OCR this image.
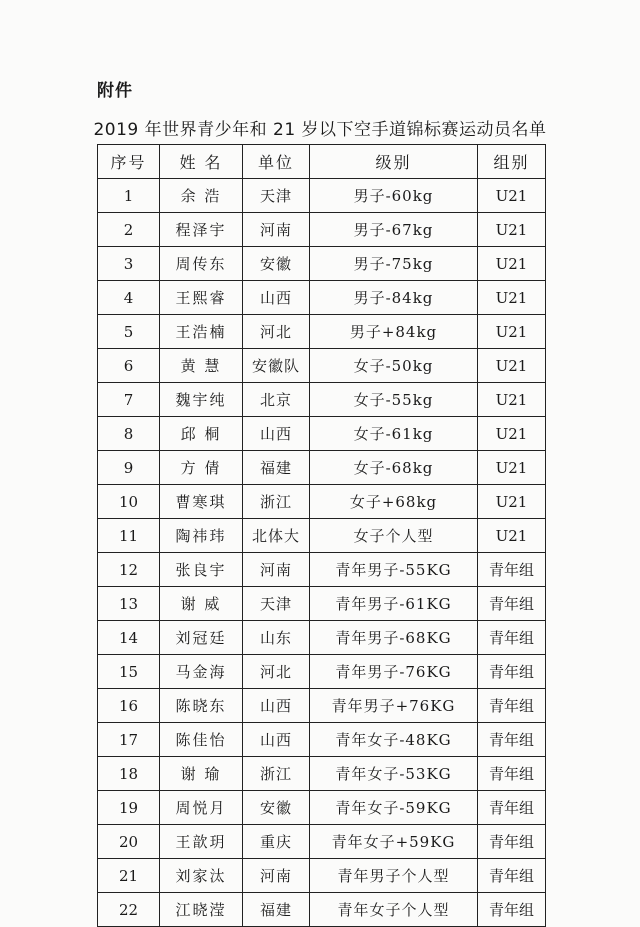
附件
2019 年世界青少年和 21 岁以下空手道锦标赛运动员名单
序号	姓 名	单位	级别	组别
1	余 浩	天津	男子-60kg	U21
2	程泽宇	河南	男子-67kg	U21
3	周传东	安徽	男子-75kg	U21
4	王熙睿	山西	男子-84kg	U21
5	王浩楠	河北	男子+84kg	U21
6	黄 慧	安徽队	女子-50kg	U21
7	魏宇纯	北京	女子-55kg	U21
8	邱 桐	山西	女子-61kg	U21
9	方 倩	福建	女子-68kg	U21
10	曹寒琪	浙江	女子+68kg	U21
11	陶祎玮	北体大	女子个人型	U21
12	张良宇	河南	青年男子-55KG	青年组
13	谢 威	天津	青年男子-61KG	青年组
14	刘冠廷	山东	青年男子-68KG	青年组
15	马金海	河北	青年男子-76KG	青年组
16	陈晓东	山西	青年男子+76KG	青年组
17	陈佳怡	山西	青年女子-48KG	青年组
18	谢 瑜	浙江	青年女子-53KG	青年组
19	周悦月	安徽	青年女子-59KG	青年组
20	王歆玥	重庆	青年女子+59KG	青年组
21	刘家汰	河南	青年男子个人型	青年组
22	江晓滢	福建	青年女子个人型	青年组
